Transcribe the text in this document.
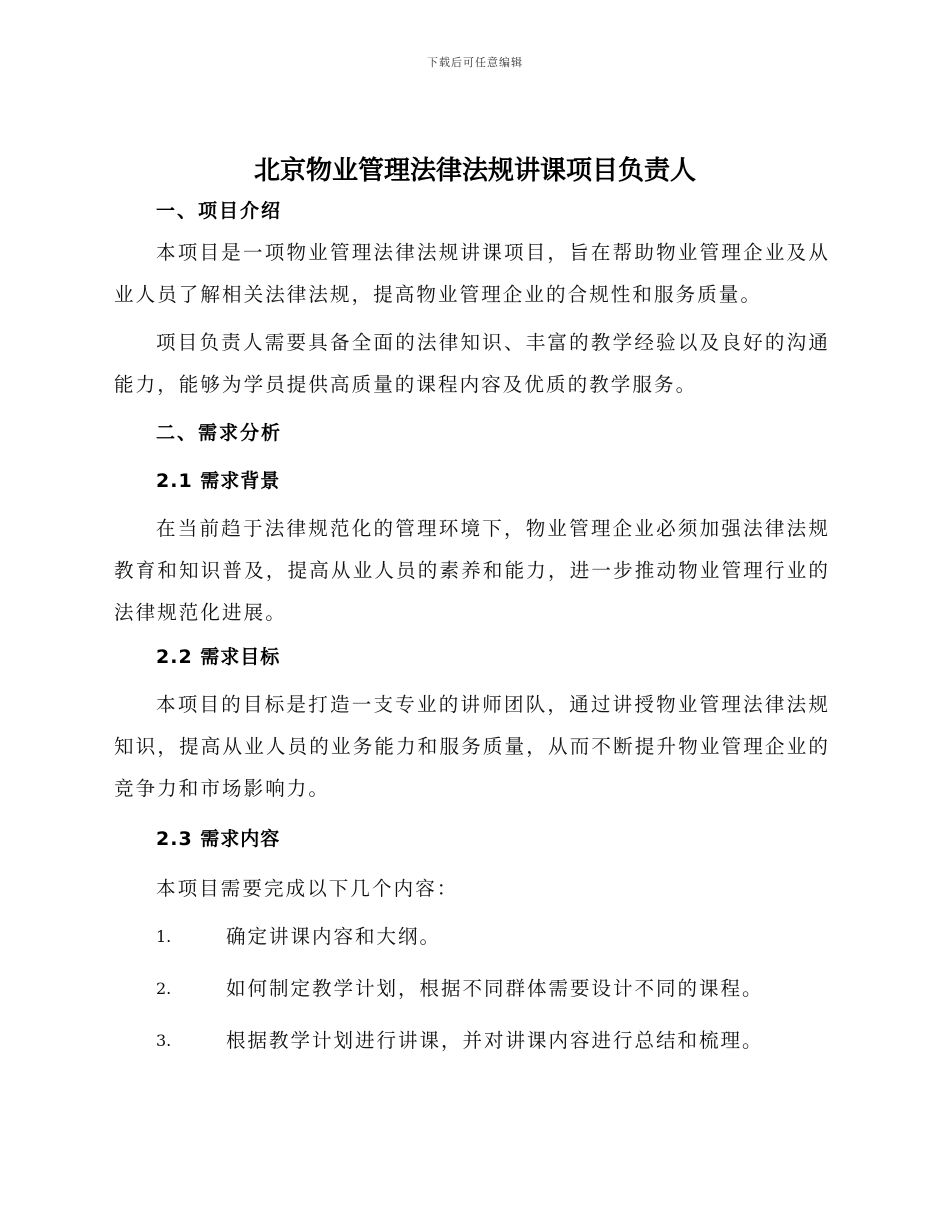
下载后可任意编辑
北京物业管理法律法规讲课项目负责人
一、项目介绍

本项目是一项物业管理法律法规讲课项目，旨在帮助物业管理企业及从业人员了解相关法律法规，提高物业管理企业的合规性和服务质量。

项目负责人需要具备全面的法律知识、丰富的教学经验以及良好的沟通能力，能够为学员提供高质量的课程内容及优质的教学服务。

二、需求分析
2.1 需求背景

在当前趋于法律规范化的管理环境下，物业管理企业必须加强法律法规教育和知识普及，提高从业人员的素养和能力，进一步推动物业管理行业的法律规范化进展。

2.2 需求目标

本项目的目标是打造一支专业的讲师团队，通过讲授物业管理法律法规知识，提高从业人员的业务能力和服务质量，从而不断提升物业管理企业的竞争力和市场影响力。

2.3 需求内容

本项目需要完成以下几个内容：

1.	确定讲课内容和大纲。
2.	如何制定教学计划，根据不同群体需要设计不同的课程。
3.	根据教学计划进行讲课，并对讲课内容进行总结和梳理。
